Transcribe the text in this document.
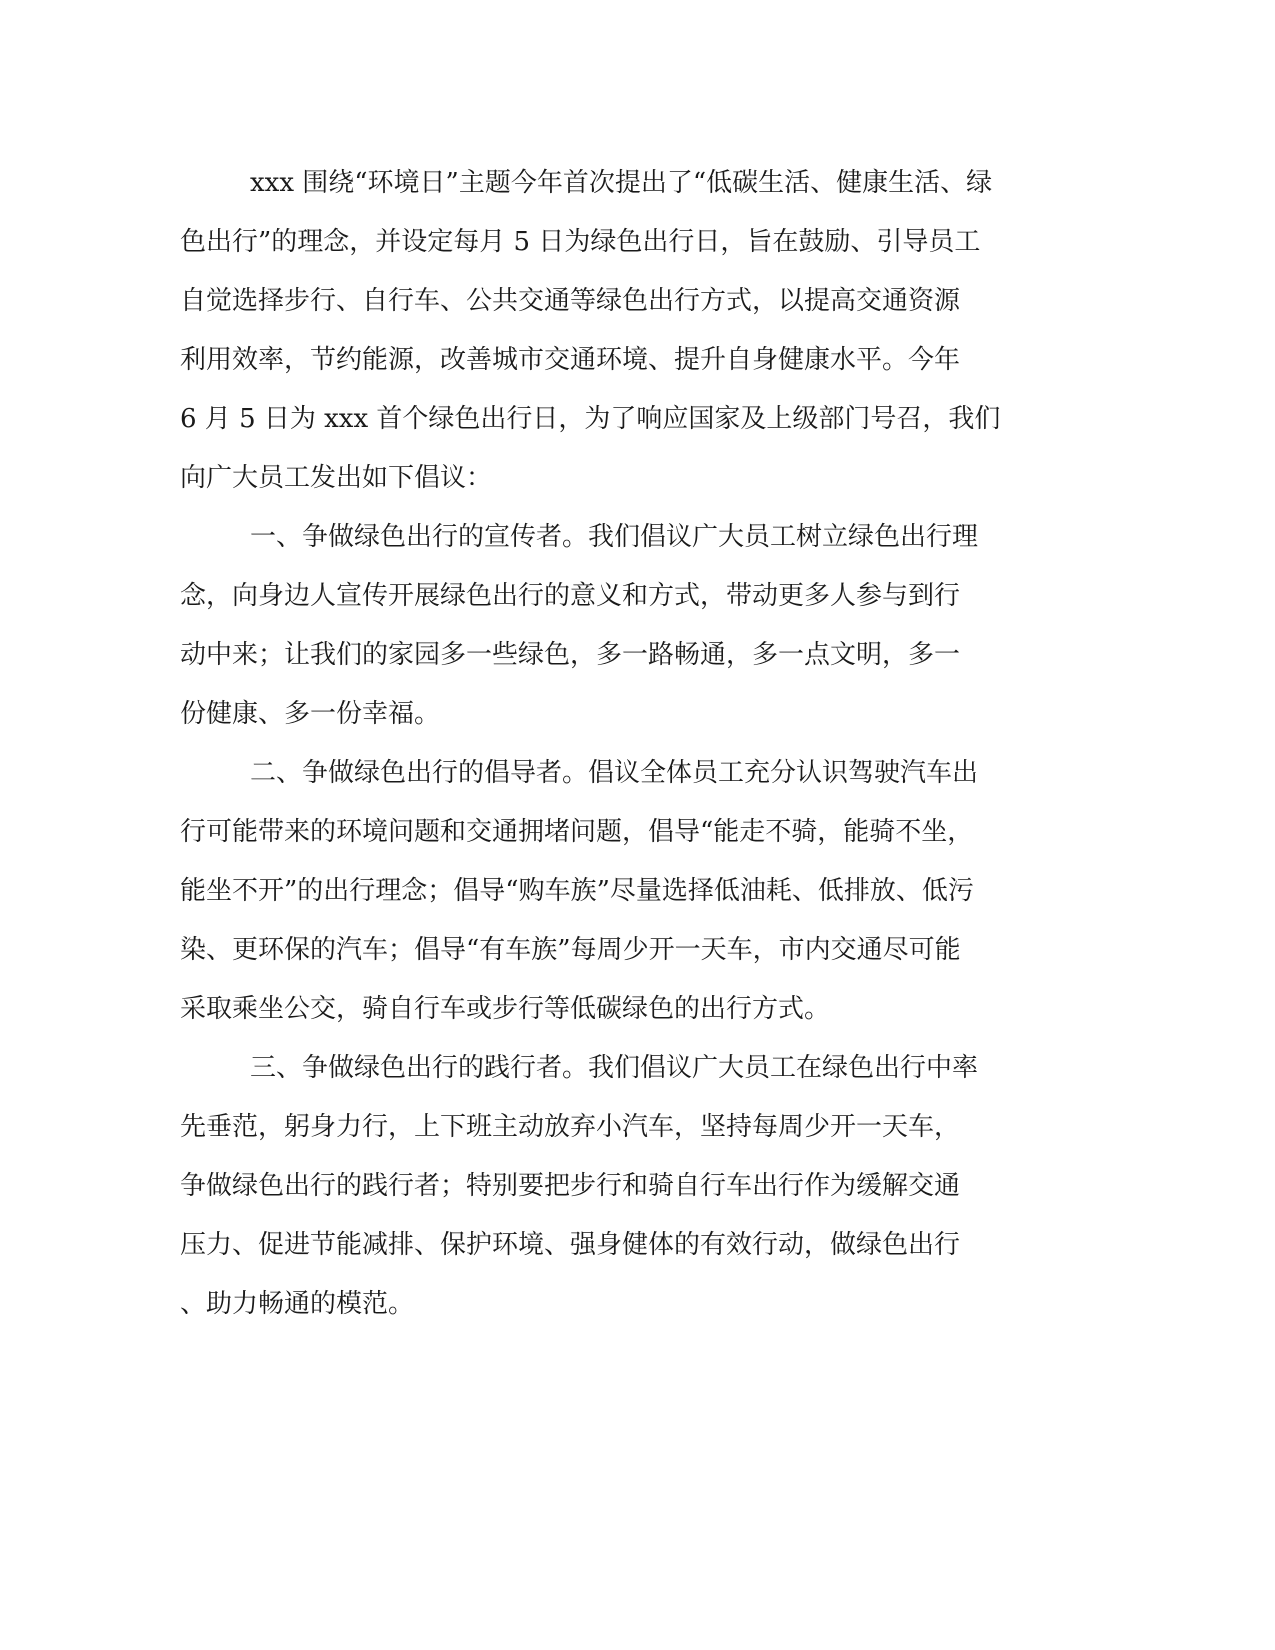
xxx 围绕“环境日”主题今年首次提出了“低碳生活、健康生活、绿
色出行”的理念，并设定每月 5 日为绿色出行日，旨在鼓励、引导员工
自觉选择步行、自行车、公共交通等绿色出行方式，以提高交通资源
利用效率，节约能源，改善城市交通环境、提升自身健康水平。今年
6 月 5 日为 xxx 首个绿色出行日，为了响应国家及上级部门号召，我们
向广大员工发出如下倡议：
一、争做绿色出行的宣传者。我们倡议广大员工树立绿色出行理
念，向身边人宣传开展绿色出行的意义和方式，带动更多人参与到行
动中来；让我们的家园多一些绿色，多一路畅通，多一点文明，多一
份健康、多一份幸福。
二、争做绿色出行的倡导者。倡议全体员工充分认识驾驶汽车出
行可能带来的环境问题和交通拥堵问题，倡导“能走不骑，能骑不坐，
能坐不开”的出行理念；倡导“购车族”尽量选择低油耗、低排放、低污
染、更环保的汽车；倡导“有车族”每周少开一天车，市内交通尽可能
采取乘坐公交，骑自行车或步行等低碳绿色的出行方式。
三、争做绿色出行的践行者。我们倡议广大员工在绿色出行中率
先垂范，躬身力行，上下班主动放弃小汽车，坚持每周少开一天车，
争做绿色出行的践行者；特别要把步行和骑自行车出行作为缓解交通
压力、促进节能减排、保护环境、强身健体的有效行动，做绿色出行
、助力畅通的模范。
